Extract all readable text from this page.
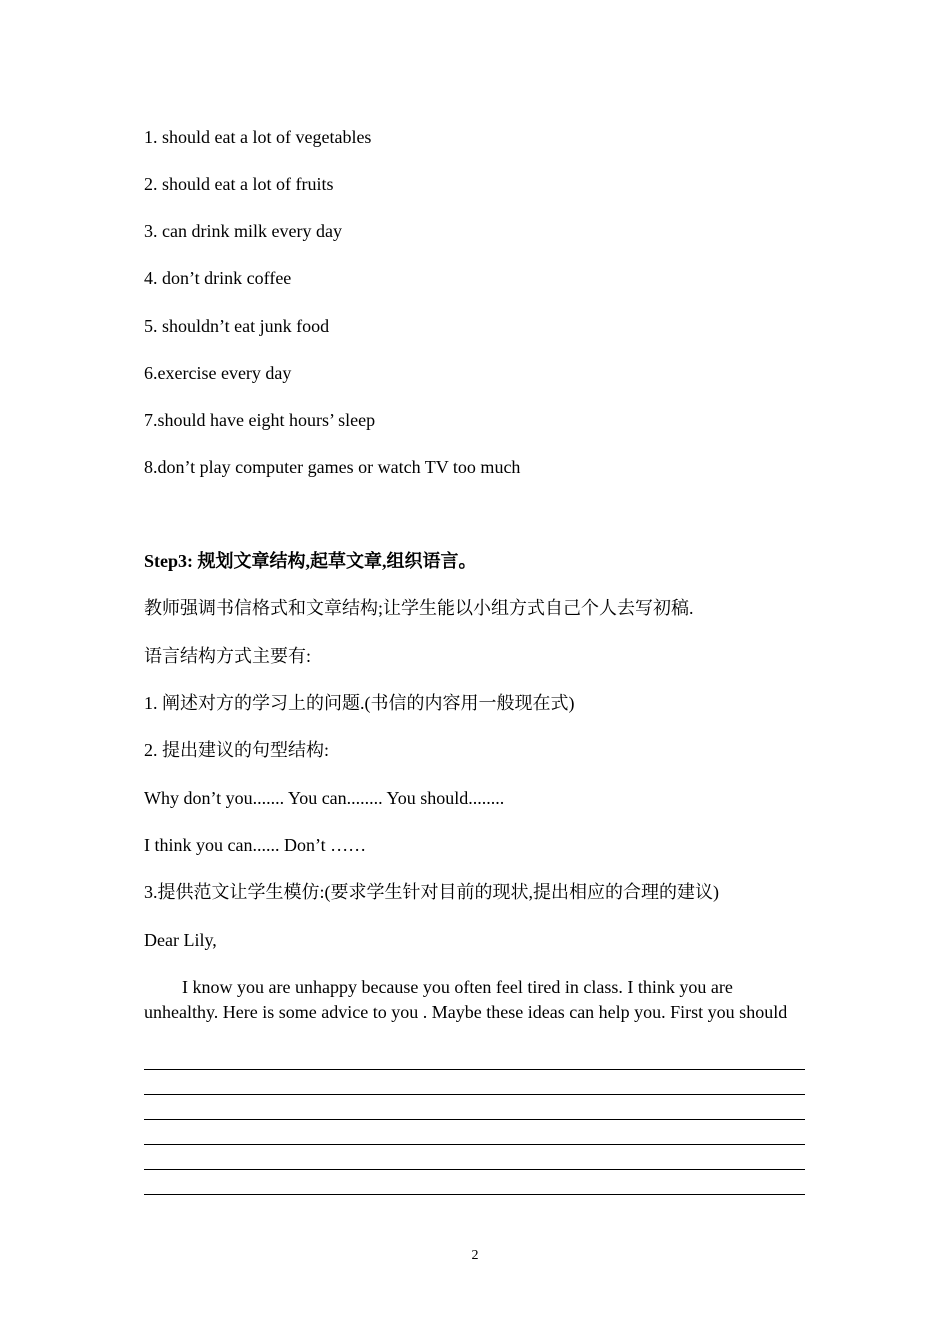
1. should eat a lot of vegetables
2. should eat a lot of fruits
3. can drink milk every day
4. don’t drink coffee
5. shouldn’t eat junk food
6.exercise every day
7.should have eight hours’ sleep
8.don’t play computer games or watch TV too much
Step3: 规划文章结构,起草文章,组织语言。
教师强调书信格式和文章结构;让学生能以小组方式自己个人去写初稿.
语言结构方式主要有:
1. 阐述对方的学习上的问题.(书信的内容用一般现在式)
2. 提出建议的句型结构:
Why don’t you....... You can........ You should........
I think you can...... Don’t ……
3.提供范文让学生模仿:(要求学生针对目前的现状,提出相应的合理的建议)
Dear Lily,
I know you are unhappy because you often feel tired in class. I think you are unhealthy. Here is some advice to you . Maybe these ideas can help you. First you should
2
